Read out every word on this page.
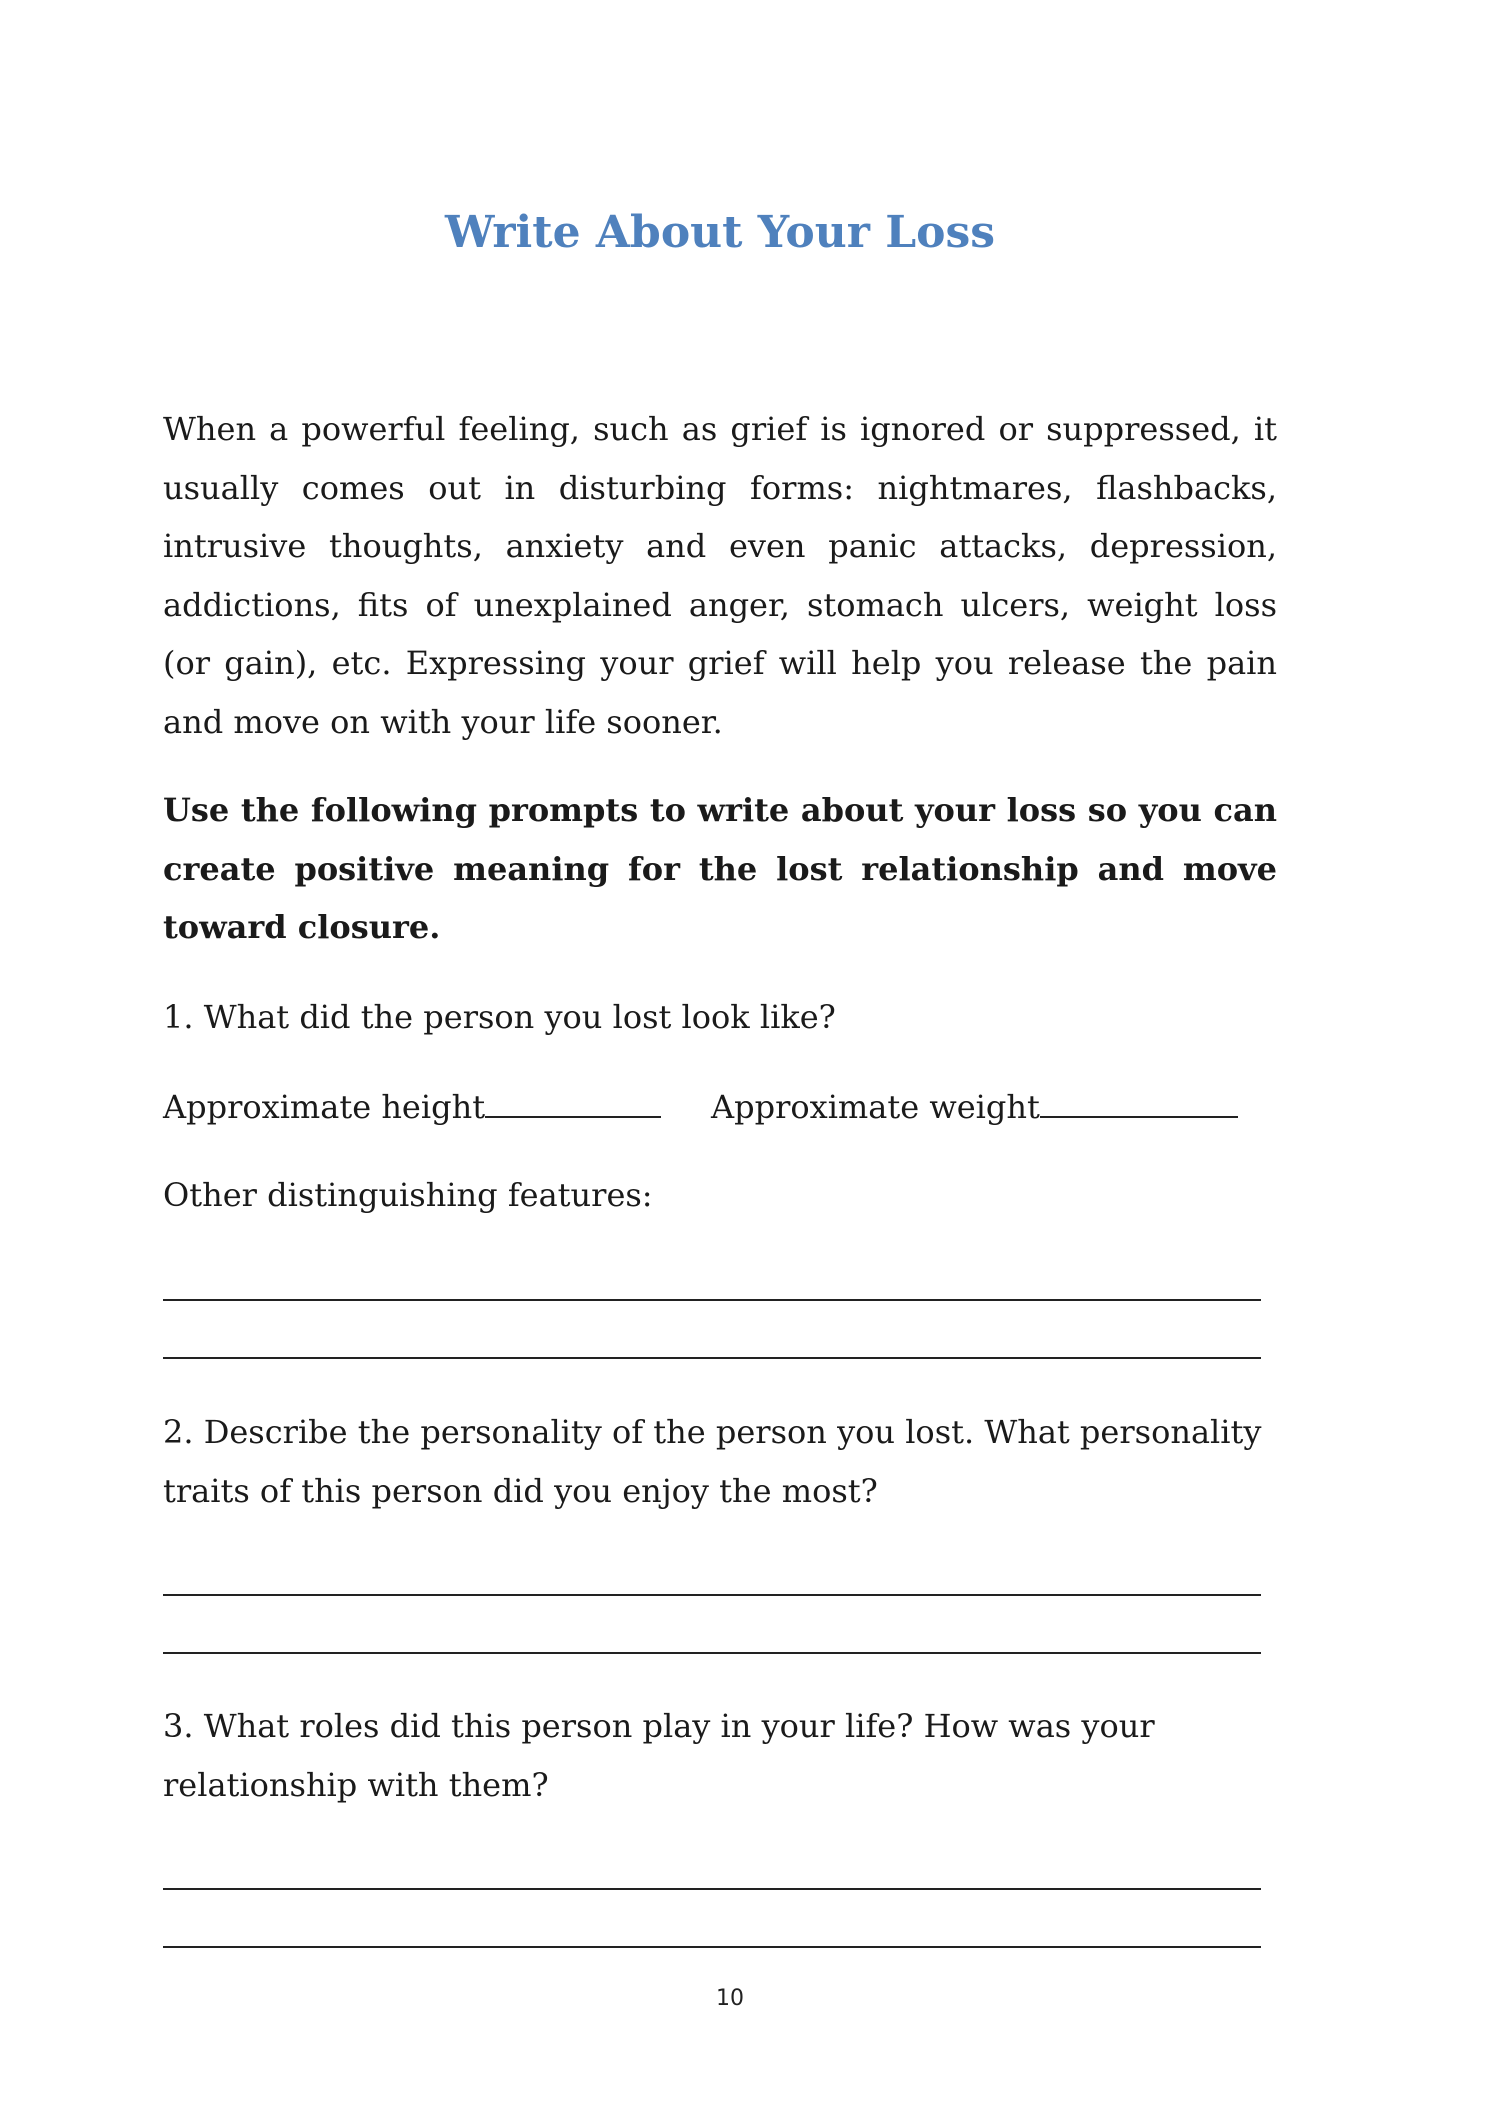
Write About Your Loss

When a powerful feeling, such as grief is ignored or suppressed, it usually comes out in disturbing forms: nightmares, flashbacks, intrusive thoughts, anxiety and even panic attacks, depression, addictions, fits of unexplained anger, stomach ulcers, weight loss (or gain), etc. Expressing your grief will help you release the pain and move on with your life sooner.

Use the following prompts to write about your loss so you can create positive meaning for the lost relationship and move toward closure.

1. What did the person you lost look like?
Approximate height	Approximate weight
Other distinguishing features:
2. Describe the personality of the person you lost. What personality traits of this person did you enjoy the most?
3. What roles did this person play in your life? How was your relationship with them?
10
